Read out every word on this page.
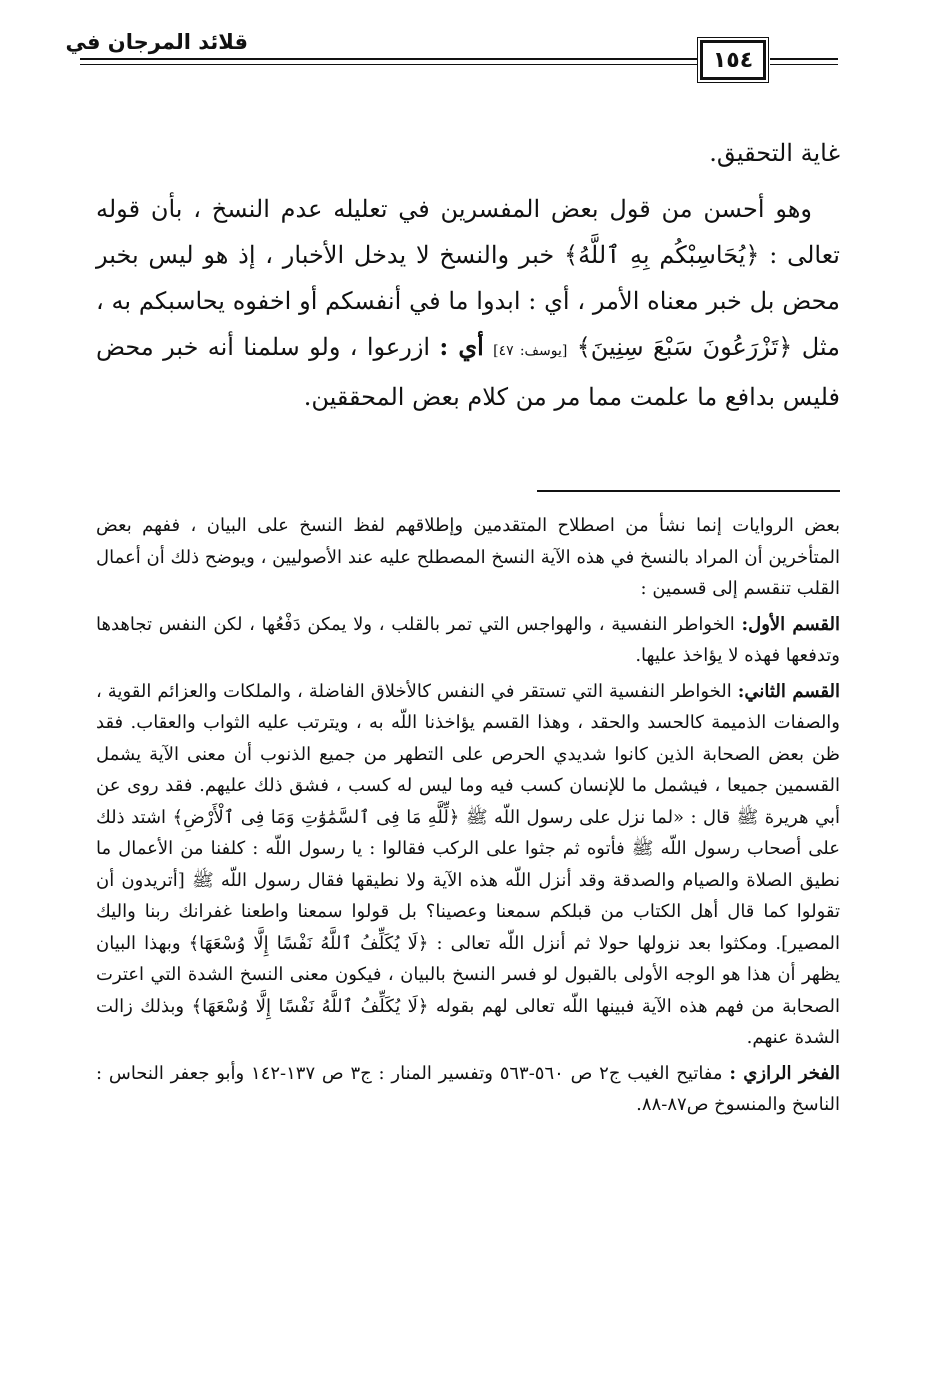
قلائد المرجان في
١٥٤

غاية التحقيق.

وهو أحسن من قول بعض المفسرين في تعليله عدم النسخ ، بأن قوله تعالى : ﴿يُحَاسِبْكُم بِهِ ٱللَّهُ﴾ خبر والنسخ لا يدخل الأخبار ، إذ هو ليس بخبر محض بل خبر معناه الأمر ، أي : ابدوا ما في أنفسكم أو اخفوه يحاسبكم به ، مثل ﴿تَزْرَعُونَ سَبْعَ سِنِينَ﴾ [يوسف: ٤٧] أي : ازرعوا ، ولو سلمنا أنه خبر محض فليس بدافع ما علمت مما مر من كلام بعض المحققين.

بعض الروايات إنما نشأ من اصطلاح المتقدمين وإطلاقهم لفظ النسخ على البيان ، ففهم بعض المتأخرين أن المراد بالنسخ في هذه الآية النسخ المصطلح عليه عند الأصوليين ، ويوضح ذلك أن أعمال القلب تنقسم إلى قسمين :

القسم الأول: الخواطر النفسية ، والهواجس التي تمر بالقلب ، ولا يمكن دَفْعُها ، لكن النفس تجاهدها وتدفعها فهذه لا يؤاخذ عليها.

القسم الثاني: الخواطر النفسية التي تستقر في النفس كالأخلاق الفاضلة ، والملكات والعزائم القوية ، والصفات الذميمة كالحسد والحقد ، وهذا القسم يؤاخذنا اللّه به ، ويترتب عليه الثواب والعقاب. فقد ظن بعض الصحابة الذين كانوا شديدي الحرص على التطهر من جميع الذنوب أن معنى الآية يشمل القسمين جميعا ، فيشمل ما للإنسان كسب فيه وما ليس له كسب ، فشق ذلك عليهم. فقد روى عن أبي هريرة ﷺ قال : «لما نزل على رسول اللّه ﷺ ﴿لِّلَّهِ مَا فِى ٱلسَّمَٰوَٰتِ وَمَا فِى ٱلْأَرْضِ﴾ اشتد ذلك على أصحاب رسول اللّه ﷺ فأتوه ثم جثوا على الركب فقالوا : يا رسول اللّه : كلفنا من الأعمال ما نطيق الصلاة والصيام والصدقة وقد أنزل اللّه هذه الآية ولا نطيقها فقال رسول اللّه ﷺ [أتريدون أن تقولوا كما قال أهل الكتاب من قبلكم سمعنا وعصينا؟ بل قولوا سمعنا واطعنا غفرانك ربنا واليك المصير]. ومكثوا بعد نزولها حولا ثم أنزل اللّه تعالى : ﴿لَا يُكَلِّفُ ٱللَّهُ نَفْسًا إِلَّا وُسْعَهَا﴾ وبهذا البيان يظهر أن هذا هو الوجه الأولى بالقبول لو فسر النسخ بالبيان ، فيكون معنى النسخ الشدة التي اعترت الصحابة من فهم هذه الآية فبينها اللّه تعالى لهم بقوله ﴿لَا يُكَلِّفُ ٱللَّهُ نَفْسًا إِلَّا وُسْعَهَا﴾ وبذلك زالت الشدة عنهم.

الفخر الرازي : مفاتيح الغيب ج٢ ص ٥٦٠-٥٦٣ وتفسير المنار : ج٣ ص ١٣٧-١٤٢ وأبو جعفر النحاس : الناسخ والمنسوخ ص٨٧-٨٨.
